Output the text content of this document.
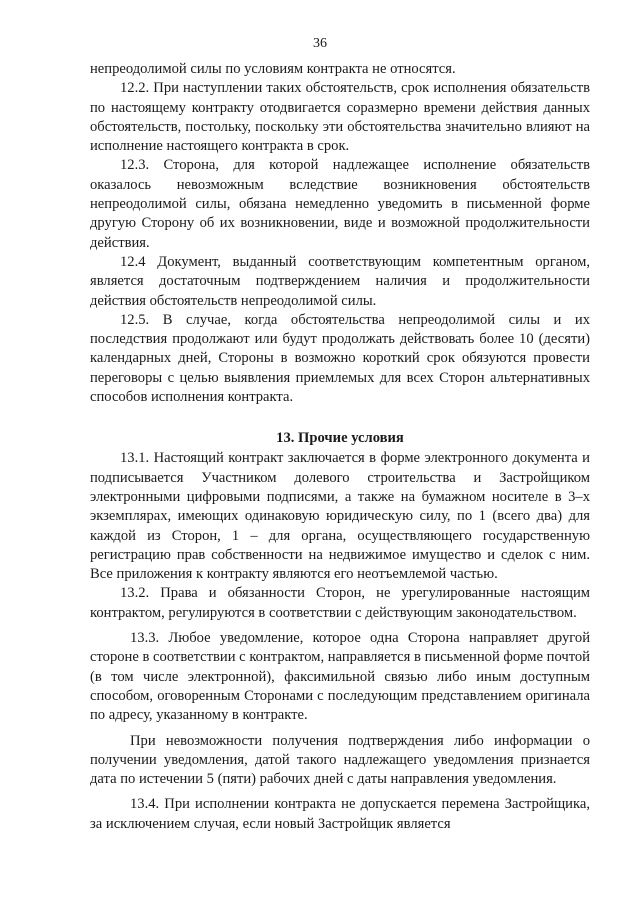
36

непреодолимой силы по условиям контракта не относятся.

12.2. При наступлении таких обстоятельств, срок исполнения обязательств по настоящему контракту отодвигается соразмерно времени действия данных обстоятельств, постольку, поскольку эти обстоятельства значительно влияют на исполнение настоящего контракта в срок.

12.3. Сторона, для которой надлежащее исполнение обязательств оказалось невозможным вследствие возникновения обстоятельств непреодолимой силы, обязана немедленно уведомить в письменной форме другую Сторону об их возникновении, виде и возможной продолжительности действия.

12.4 Документ, выданный соответствующим компетентным органом, является достаточным подтверждением наличия и продолжительности действия обстоятельств непреодолимой силы.

12.5. В случае, когда обстоятельства непреодолимой силы и их последствия продолжают или будут продолжать действовать более 10 (десяти) календарных дней, Стороны в возможно короткий срок обязуются провести переговоры с целью выявления приемлемых для всех Сторон альтернативных способов исполнения контракта.

13. Прочие условия

13.1. Настоящий контракт заключается в форме электронного документа и подписывается Участником долевого строительства и Застройщиком электронными цифровыми подписями, а также на бумажном носителе в 3–х экземплярах, имеющих одинаковую юридическую силу, по 1 (всего два) для каждой из Сторон, 1 – для органа, осуществляющего государственную регистрацию прав собственности на недвижимое имущество и сделок с ним. Все приложения к контракту являются его неотъемлемой частью.

13.2. Права и обязанности Сторон, не урегулированные настоящим контрактом, регулируются в соответствии с действующим законодательством.

13.3. Любое уведомление, которое одна Сторона направляет другой стороне в соответствии с контрактом, направляется в письменной форме почтой (в том числе электронной), факсимильной связью либо иным доступным способом, оговоренным Сторонами с последующим представлением оригинала по адресу, указанному в контракте.

При невозможности получения подтверждения либо информации о получении уведомления, датой такого надлежащего уведомления признается дата по истечении 5 (пяти) рабочих дней с даты направления уведомления.

13.4. При исполнении контракта не допускается перемена Застройщика, за исключением случая, если новый Застройщик является
